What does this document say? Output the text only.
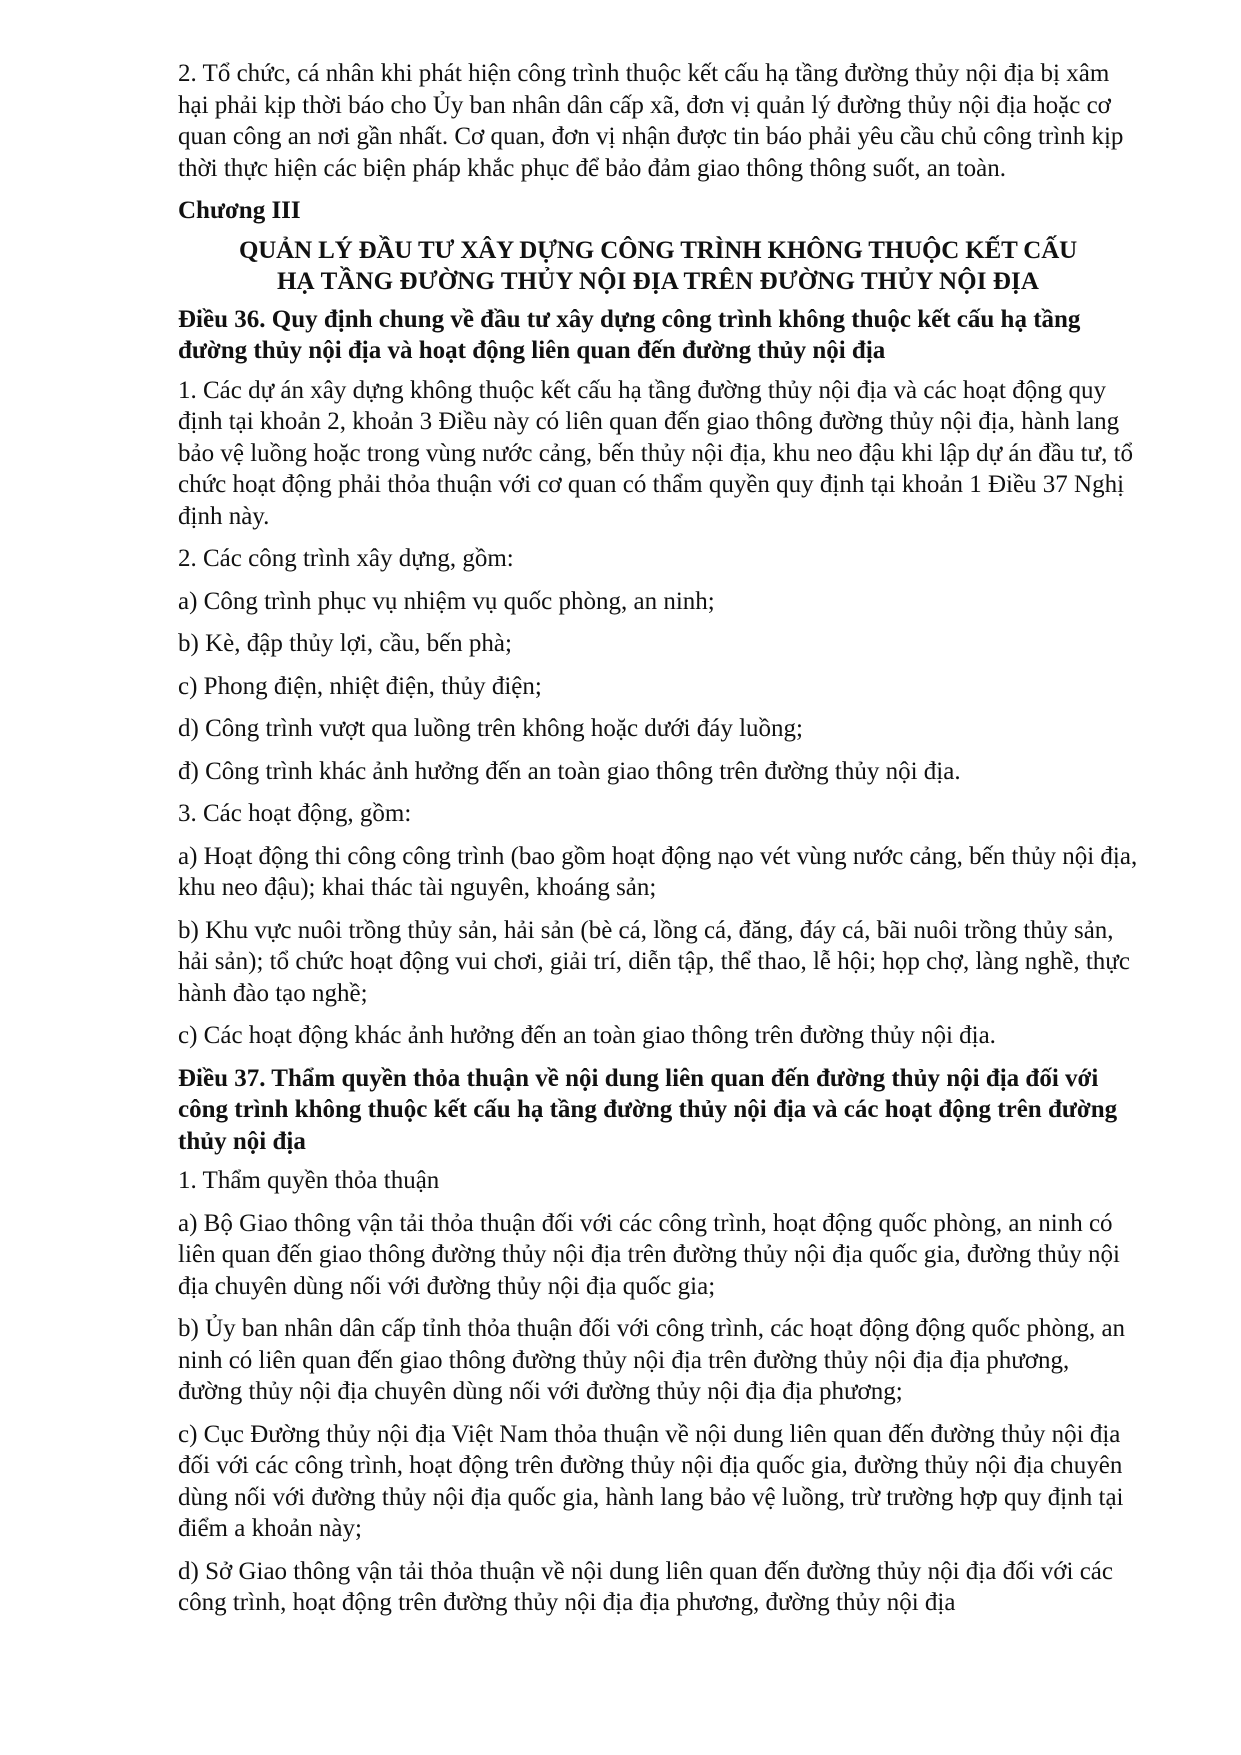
2. Tổ chức, cá nhân khi phát hiện công trình thuộc kết cấu hạ tầng đường thủy nội địa bị xâm hại phải kịp thời báo cho Ủy ban nhân dân cấp xã, đơn vị quản lý đường thủy nội địa hoặc cơ quan công an nơi gần nhất. Cơ quan, đơn vị nhận được tin báo phải yêu cầu chủ công trình kịp thời thực hiện các biện pháp khắc phục để bảo đảm giao thông thông suốt, an toàn.

Chương III

QUẢN LÝ ĐẦU TƯ XÂY DỰNG CÔNG TRÌNH KHÔNG THUỘC KẾT CẤU
HẠ TẦNG ĐƯỜNG THỦY NỘI ĐỊA TRÊN ĐƯỜNG THỦY NỘI ĐỊA

Điều 36. Quy định chung về đầu tư xây dựng công trình không thuộc kết cấu hạ tầng đường thủy nội địa và hoạt động liên quan đến đường thủy nội địa

1. Các dự án xây dựng không thuộc kết cấu hạ tầng đường thủy nội địa và các hoạt động quy định tại khoản 2, khoản 3 Điều này có liên quan đến giao thông đường thủy nội địa, hành lang bảo vệ luồng hoặc trong vùng nước cảng, bến thủy nội địa, khu neo đậu khi lập dự án đầu tư, tổ chức hoạt động phải thỏa thuận với cơ quan có thẩm quyền quy định tại khoản 1 Điều 37 Nghị định này.

2. Các công trình xây dựng, gồm:

a) Công trình phục vụ nhiệm vụ quốc phòng, an ninh;

b) Kè, đập thủy lợi, cầu, bến phà;

c) Phong điện, nhiệt điện, thủy điện;

d) Công trình vượt qua luồng trên không hoặc dưới đáy luồng;

đ) Công trình khác ảnh hưởng đến an toàn giao thông trên đường thủy nội địa.

3. Các hoạt động, gồm:

a) Hoạt động thi công công trình (bao gồm hoạt động nạo vét vùng nước cảng, bến thủy nội địa, khu neo đậu); khai thác tài nguyên, khoáng sản;

b) Khu vực nuôi trồng thủy sản, hải sản (bè cá, lồng cá, đăng, đáy cá, bãi nuôi trồng thủy sản, hải sản); tổ chức hoạt động vui chơi, giải trí, diễn tập, thể thao, lễ hội; họp chợ, làng nghề, thực hành đào tạo nghề;

c) Các hoạt động khác ảnh hưởng đến an toàn giao thông trên đường thủy nội địa.

Điều 37. Thẩm quyền thỏa thuận về nội dung liên quan đến đường thủy nội địa đối với công trình không thuộc kết cấu hạ tầng đường thủy nội địa và các hoạt động trên đường thủy nội địa

1. Thẩm quyền thỏa thuận

a) Bộ Giao thông vận tải thỏa thuận đối với các công trình, hoạt động quốc phòng, an ninh có liên quan đến giao thông đường thủy nội địa trên đường thủy nội địa quốc gia, đường thủy nội địa chuyên dùng nối với đường thủy nội địa quốc gia;

b) Ủy ban nhân dân cấp tỉnh thỏa thuận đối với công trình, các hoạt động động quốc phòng, an ninh có liên quan đến giao thông đường thủy nội địa trên đường thủy nội địa địa phương, đường thủy nội địa chuyên dùng nối với đường thủy nội địa địa phương;

c) Cục Đường thủy nội địa Việt Nam thỏa thuận về nội dung liên quan đến đường thủy nội địa đối với các công trình, hoạt động trên đường thủy nội địa quốc gia, đường thủy nội địa chuyên dùng nối với đường thủy nội địa quốc gia, hành lang bảo vệ luồng, trừ trường hợp quy định tại điểm a khoản này;

d) Sở Giao thông vận tải thỏa thuận về nội dung liên quan đến đường thủy nội địa đối với các công trình, hoạt động trên đường thủy nội địa địa phương, đường thủy nội địa
